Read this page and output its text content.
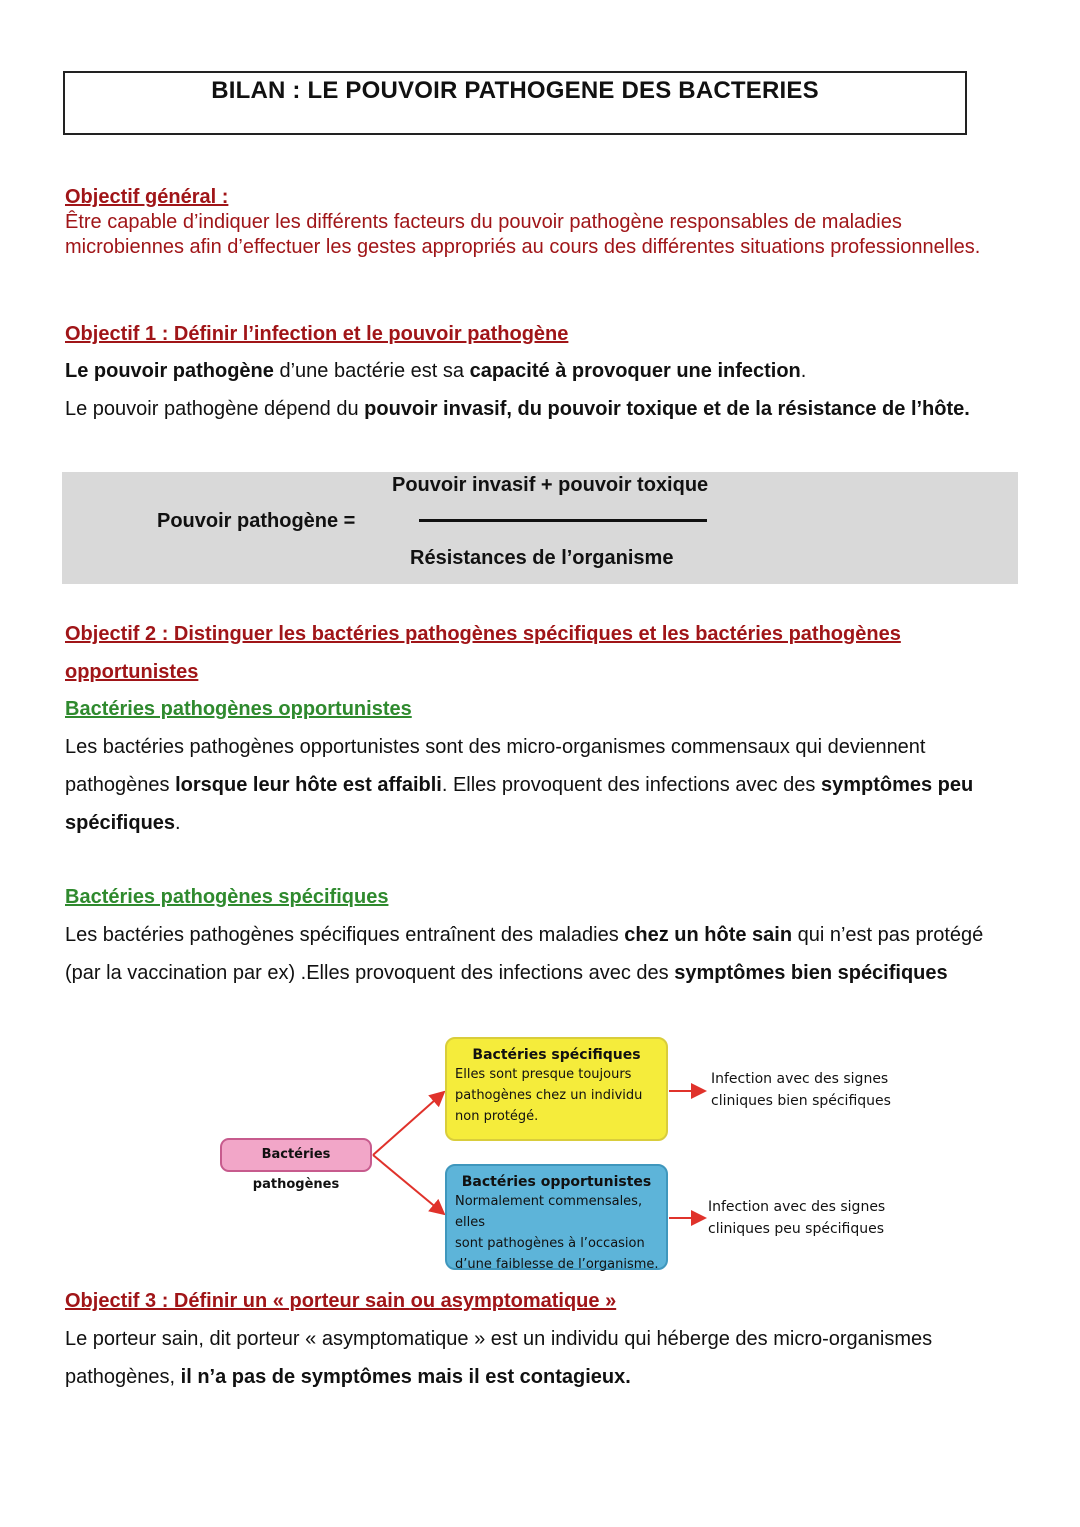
BILAN : LE POUVOIR PATHOGENE DES BACTERIES
Objectif général :
Être capable d’indiquer les différents facteurs du pouvoir pathogène responsables de maladies microbiennes afin d’effectuer les gestes appropriés au cours des différentes situations professionnelles.
Objectif 1 : Définir l’infection et le pouvoir pathogène
Le pouvoir pathogène d’une bactérie est sa capacité à provoquer une infection.
Le pouvoir pathogène dépend du pouvoir invasif, du pouvoir toxique et de la résistance de l’hôte.
Pouvoir pathogène =
Pouvoir invasif + pouvoir toxique
Résistances de l’organisme
Objectif 2 : Distinguer les bactéries pathogènes spécifiques et les bactéries pathogènes
opportunistes
Bactéries pathogènes opportunistes
Les bactéries pathogènes opportunistes sont des micro-organismes commensaux qui deviennent pathogènes lorsque leur hôte est affaibli. Elles provoquent des infections avec des symptômes peu spécifiques.
Bactéries pathogènes spécifiques
Les bactéries pathogènes spécifiques entraînent des maladies chez un hôte sain qui n’est pas protégé (par la vaccination par ex) .Elles provoquent des infections avec des symptômes bien spécifiques
Bactéries pathogènes
Bactéries spécifiques
Elles sont presque toujours
pathogènes chez un individu
non protégé.
Bactéries opportunistes
Normalement commensales, elles
sont pathogènes à l’occasion
d’une faiblesse de l’organisme.
Infection avec des signes
cliniques bien spécifiques
Infection avec des signes
cliniques peu spécifiques
Objectif 3 : Définir un « porteur sain ou asymptomatique »
Le porteur sain, dit porteur « asymptomatique » est un individu qui héberge des micro-organismes pathogènes, il n’a pas de symptômes mais il est contagieux.
